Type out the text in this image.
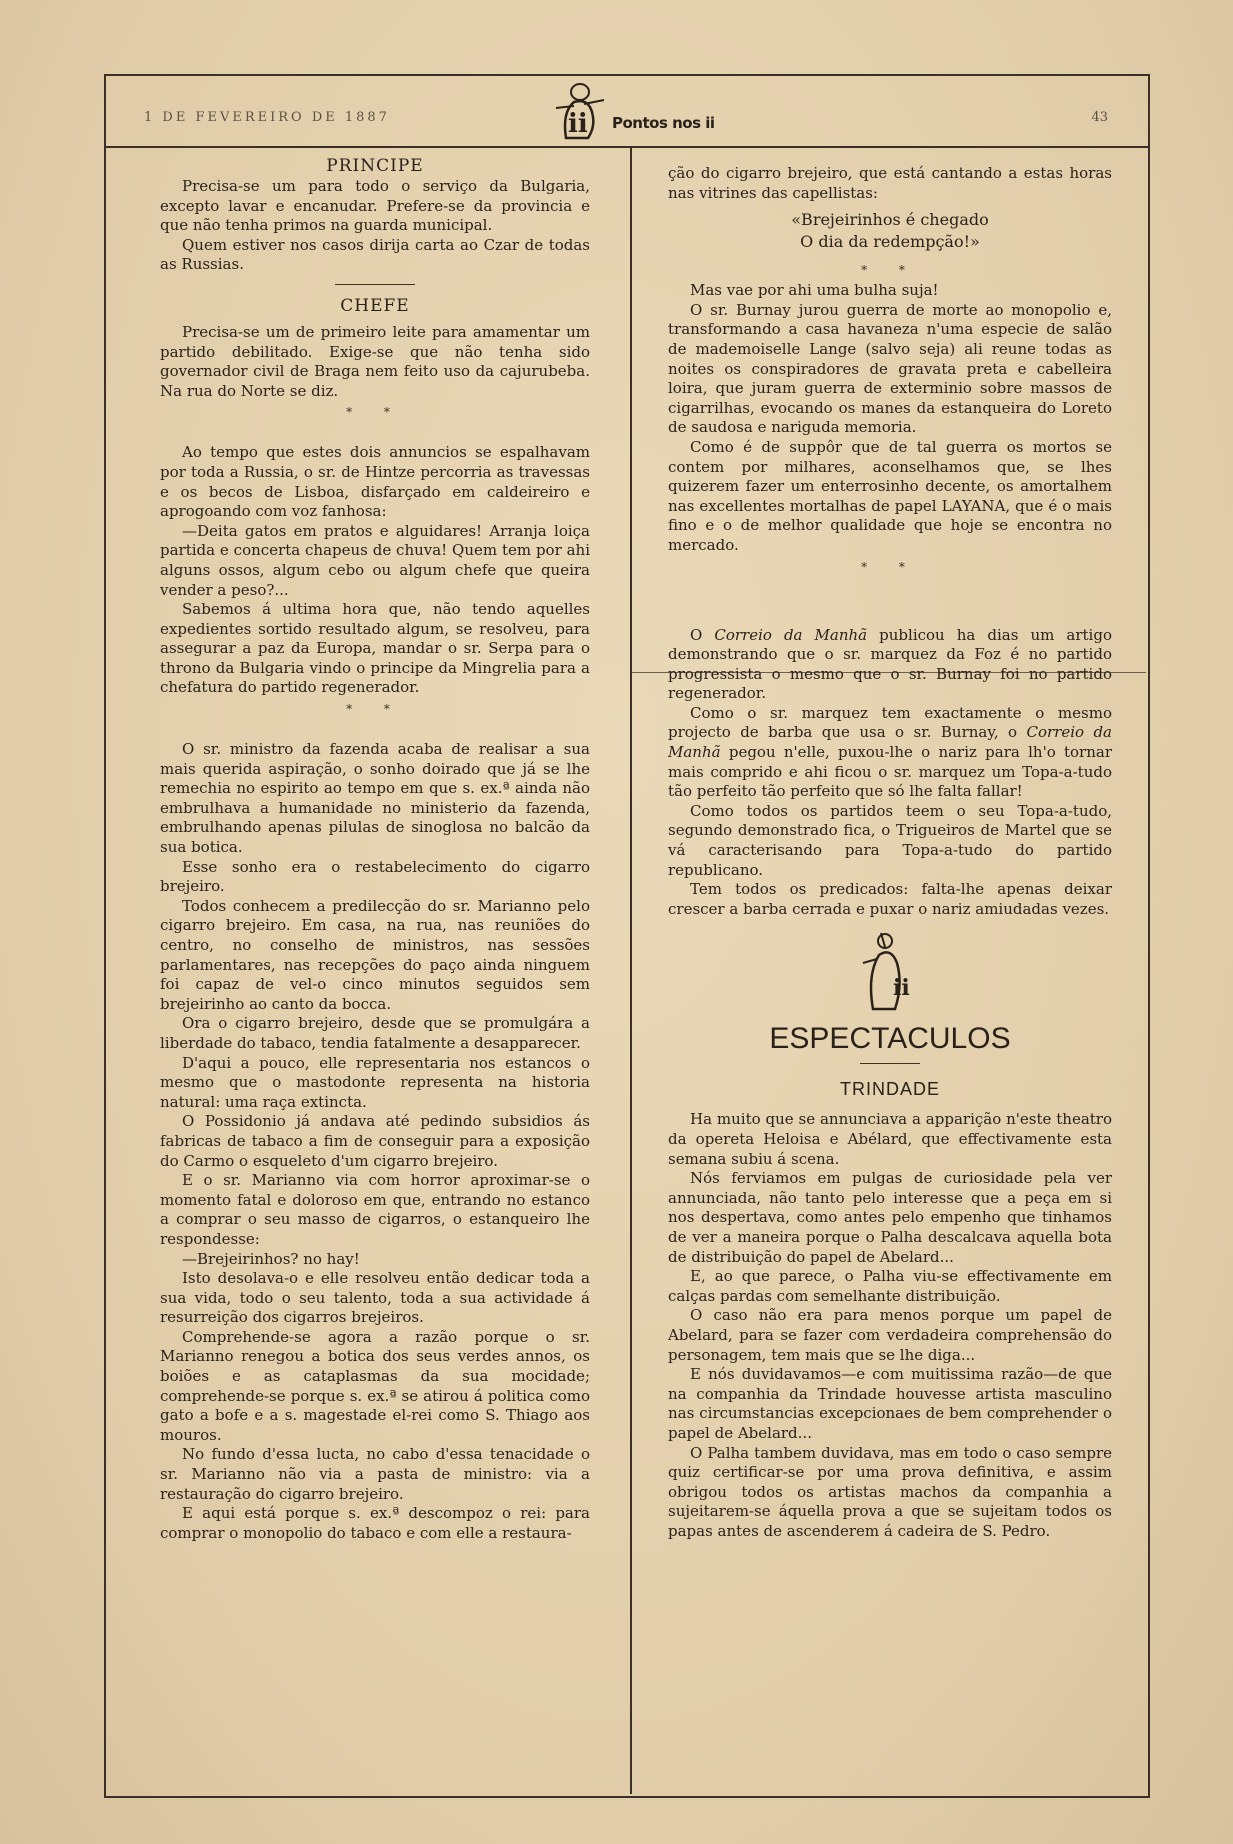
1 DE FEVEREIRO DE 1887	ii Pontos nos ii	43
PRINCIPE

Precisa-se um para todo o serviço da Bulgaria, excepto lavar e encanudar. Prefere-se da provincia e que não tenha primos na guarda municipal.

Quem estiver nos casos dirija carta ao Czar de todas as Russias.

CHEFE

Precisa-se um de primeiro leite para amamentar um partido debilitado. Exige-se que não tenha sido governador civil de Braga nem feito uso da cajurubeba. Na rua do Norte se diz.

* *

Ao tempo que estes dois annuncios se espalhavam por toda a Russia, o sr. de Hintze percorria as travessas e os becos de Lisboa, disfarçado em caldeireiro e aprogoando com voz fanhosa:

—Deita gatos em pratos e alguidares! Arranja loiça partida e concerta chapeus de chuva! Quem tem por ahi alguns ossos, algum cebo ou algum chefe que queira vender a peso?...

Sabemos á ultima hora que, não tendo aquelles expedientes sortido resultado algum, se resolveu, para assegurar a paz da Europa, mandar o sr. Serpa para o throno da Bulgaria vindo o principe da Mingrelia para a chefatura do partido regenerador.

* *

O sr. ministro da fazenda acaba de realisar a sua mais querida aspiração, o sonho doirado que já se lhe remechia no espirito ao tempo em que s. ex.ª ainda não embrulhava a humanidade no ministerio da fazenda, embrulhando apenas pilulas de sinoglosa no balcão da sua botica.

Esse sonho era o restabelecimento do cigarro brejeiro.

Todos conhecem a predilecção do sr. Marianno pelo cigarro brejeiro. Em casa, na rua, nas reuniões do centro, no conselho de ministros, nas sessões parlamentares, nas recepções do paço ainda ninguem foi capaz de vel-o cinco minutos seguidos sem brejeirinho ao canto da bocca.

Ora o cigarro brejeiro, desde que se promulgára a liberdade do tabaco, tendia fatalmente a desapparecer.

D'aqui a pouco, elle representaria nos estancos o mesmo que o mastodonte representa na historia natural: uma raça extincta.

O Possidonio já andava até pedindo subsidios ás fabricas de tabaco a fim de conseguir para a exposição do Carmo o esqueleto d'um cigarro brejeiro.

E o sr. Marianno via com horror aproximar-se o momento fatal e doloroso em que, entrando no estanco a comprar o seu masso de cigarros, o estanqueiro lhe respondesse:

—Brejeirinhos? no hay!

Isto desolava-o e elle resolveu então dedicar toda a sua vida, todo o seu talento, toda a sua actividade á resurreição dos cigarros brejeiros.

Comprehende-se agora a razão porque o sr. Marianno renegou a botica dos seus verdes annos, os boiões e as cataplasmas da sua mocidade; comprehende-se porque s. ex.ª se atirou á politica como gato a bofe e a s. magestade el-rei como S. Thiago aos mouros.

No fundo d'essa lucta, no cabo d'essa tenacidade o sr. Marianno não via a pasta de ministro: via a restauração do cigarro brejeiro.

E aqui está porque s. ex.ª descompoz o rei: para comprar o monopolio do tabaco e com elle a restaura-

ção do cigarro brejeiro, que está cantando a estas horas nas vitrines das capellistas:

«Brejeirinhos é chegado
O dia da redempção!»
* *

Mas vae por ahi uma bulha suja!

O sr. Burnay jurou guerra de morte ao monopolio e, transformando a casa havaneza n'uma especie de salão de mademoiselle Lange (salvo seja) ali reune todas as noites os conspiradores de gravata preta e cabelleira loira, que juram guerra de exterminio sobre massos de cigarrilhas, evocando os manes da estanqueira do Loreto de saudosa e nariguda memoria.

Como é de suppôr que de tal guerra os mortos se contem por milhares, aconselhamos que, se lhes quizerem fazer um enterrosinho decente, os amortalhem nas excellentes mortalhas de papel LAYANA, que é o mais fino e o de melhor qualidade que hoje se encontra no mercado.

* *

O Correio da Manhã publicou ha dias um artigo demonstrando que o sr. marquez da Foz é no partido progressista o mesmo que o sr. Burnay foi no partido regenerador.

Como o sr. marquez tem exactamente o mesmo projecto de barba que usa o sr. Burnay, o Correio da Manhã pegou n'elle, puxou-lhe o nariz para lh'o tornar mais comprido e ahi ficou o sr. marquez um Topa-a-tudo tão perfeito tão perfeito que só lhe falta fallar!

Como todos os partidos teem o seu Topa-a-tudo, segundo demonstrado fica, o Trigueiros de Martel que se vá caracterisando para Topa-a-tudo do partido republicano.

Tem todos os predicados: falta-lhe apenas deixar crescer a barba cerrada e puxar o nariz amiudadas vezes.

ii
ESPECTACULOS
TRINDADE

Ha muito que se annunciava a apparição n'este theatro da opereta Heloisa e Abélard, que effectivamente esta semana subiu á scena.

Nós ferviamos em pulgas de curiosidade pela ver annunciada, não tanto pelo interesse que a peça em si nos despertava, como antes pelo empenho que tinhamos de ver a maneira porque o Palha descalcava aquella bota de distribuição do papel de Abelard...

E, ao que parece, o Palha viu-se effectivamente em calças pardas com semelhante distribuição.

O caso não era para menos porque um papel de Abelard, para se fazer com verdadeira comprehensão do personagem, tem mais que se lhe diga...

E nós duvidavamos—e com muitissima razão—de que na companhia da Trindade houvesse artista masculino nas circumstancias excepcionaes de bem comprehender o papel de Abelard...

O Palha tambem duvidava, mas em todo o caso sempre quiz certificar-se por uma prova definitiva, e assim obrigou todos os artistas machos da companhia a sujeitarem-se áquella prova a que se sujeitam todos os papas antes de ascenderem á cadeira de S. Pedro.
